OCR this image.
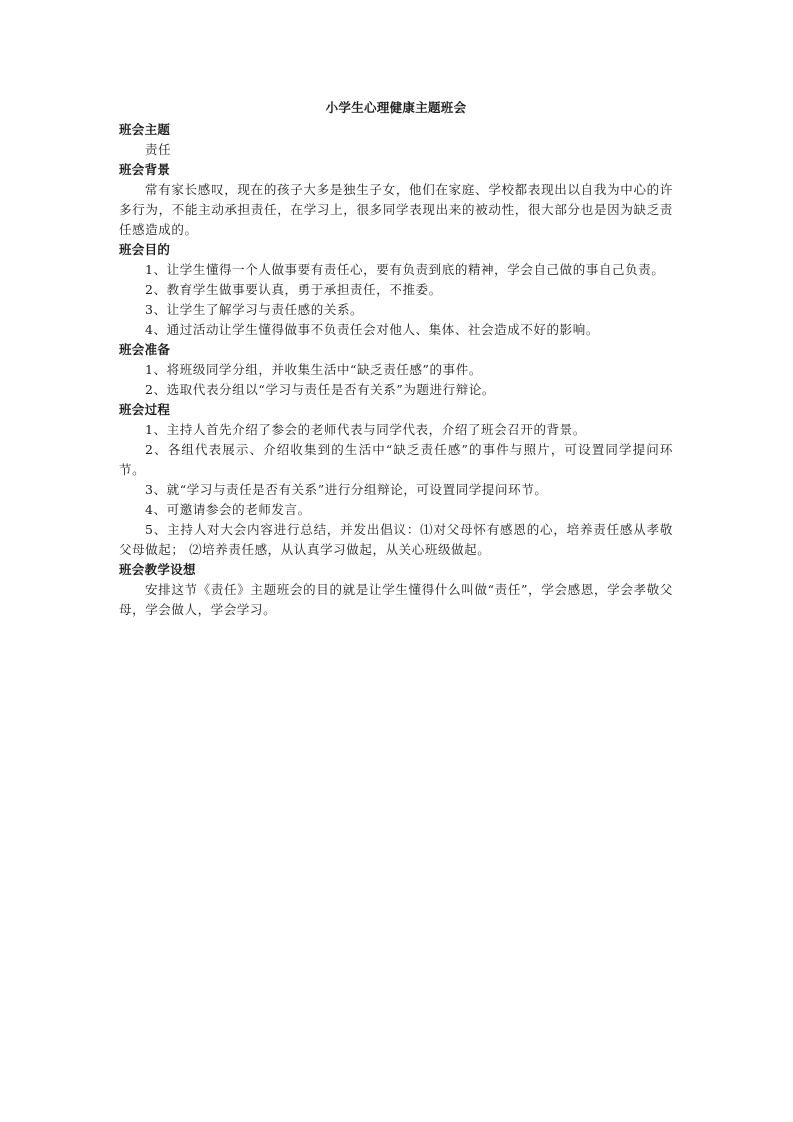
小学生心理健康主题班会
班会主题

责任

班会背景

常有家长感叹，现在的孩子大多是独生子女，他们在家庭、学校都表现出以自我为中心的许多行为，不能主动承担责任，在学习上，很多同学表现出来的被动性，很大部分也是因为缺乏责任感造成的。

班会目的

1、让学生懂得一个人做事要有责任心，要有负责到底的精神，学会自己做的事自己负责。

2、教育学生做事要认真，勇于承担责任，不推委。

3、让学生了解学习与责任感的关系。

4、通过活动让学生懂得做事不负责任会对他人、集体、社会造成不好的影响。

班会准备

1、将班级同学分组，并收集生活中“缺乏责任感”的事件。

2、选取代表分组以“学习与责任是否有关系”为题进行辩论。

班会过程

1、主持人首先介绍了参会的老师代表与同学代表，介绍了班会召开的背景。

2、各组代表展示、介绍收集到的生活中“缺乏责任感”的事件与照片，可设置同学提问环节。

3、就“学习与责任是否有关系”进行分组辩论，可设置同学提问环节。

4、可邀请参会的老师发言。

5、主持人对大会内容进行总结，并发出倡议：⑴对父母怀有感恩的心，培养责任感从孝敬父母做起； ⑵培养责任感，从认真学习做起，从关心班级做起。

班会教学设想

安排这节《责任》主题班会的目的就是让学生懂得什么叫做“责任”，学会感恩，学会孝敬父母，学会做人，学会学习。
